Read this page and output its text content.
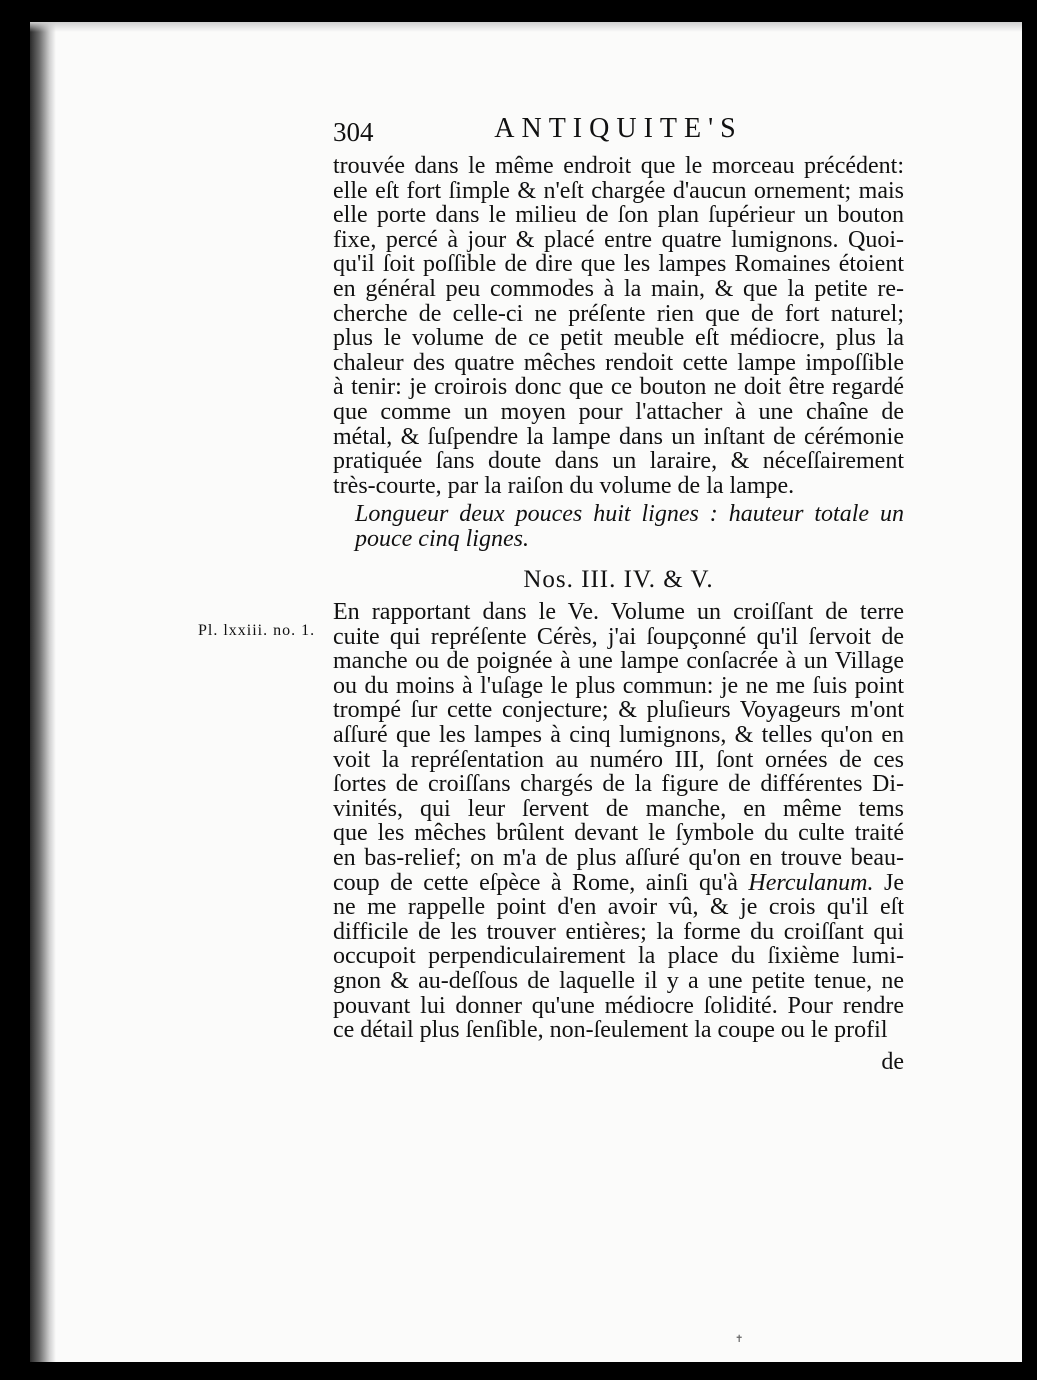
304	ANTIQUITE'S
trouvée dans le même endroit que le morceau précédent:
elle eſt fort ſimple & n'eſt chargée d'aucun ornement; mais
elle porte dans le milieu de ſon plan ſupérieur un bouton
fixe, percé à jour & placé entre quatre lumignons. Quoi-
qu'il ſoit poſſible de dire que les lampes Romaines étoient
en général peu commodes à la main, & que la petite re-
cherche de celle-ci ne préſente rien que de fort naturel;
plus le volume de ce petit meuble eſt médiocre, plus la
chaleur des quatre mêches rendoit cette lampe impoſſible
à tenir: je croirois donc que ce bouton ne doit être regardé
que comme un moyen pour l'attacher à une chaîne de
métal, & ſuſpendre la lampe dans un inſtant de cérémonie
pratiquée ſans doute dans un laraire, & néceſſairement
très-courte, par la raiſon du volume de la lampe.
Longueur deux pouces huit lignes : hauteur totale un
pouce cinq lignes.
Nos. III. IV. & V.
Pl. lxxiii. no. 1.
En rapportant dans le Ve. Volume un croiſſant de terre
cuite qui repréſente Cérès, j'ai ſoupçonné qu'il ſervoit de
manche ou de poignée à une lampe conſacrée à un Village
ou du moins à l'uſage le plus commun: je ne me ſuis point
trompé ſur cette conjecture; & pluſieurs Voyageurs m'ont
aſſuré que les lampes à cinq lumignons, & telles qu'on en
voit la repréſentation au numéro III, ſont ornées de ces
ſortes de croiſſans chargés de la figure de différentes Di-
vinités, qui leur ſervent de manche, en même tems
que les mêches brûlent devant le ſymbole du culte traité
en bas-relief; on m'a de plus aſſuré qu'on en trouve beau-
coup de cette eſpèce à Rome, ainſi qu'à Herculanum. Je
ne me rappelle point d'en avoir vû, & je crois qu'il eſt
difficile de les trouver entières; la forme du croiſſant qui
occupoit perpendiculairement la place du ſixième lumi-
gnon & au-deſſous de laquelle il y a une petite tenue, ne
pouvant lui donner qu'une médiocre ſolidité. Pour rendre
ce détail plus ſenſible, non-ſeulement la coupe ou le profil
de
✝
